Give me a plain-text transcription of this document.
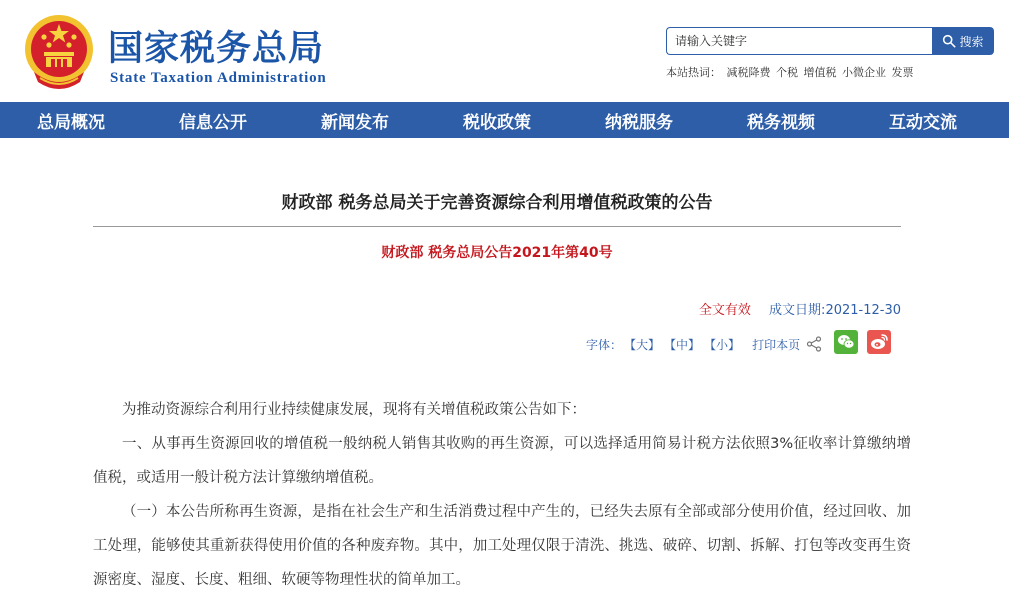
国家税务总局
State Taxation Administration
请输入关键字
搜索
本站热词： 减税降费 个税 增值税 小微企业 发票
总局概况	信息公开	新闻发布	税收政策	纳税服务	税务视频	互动交流
财政部 税务总局关于完善资源综合利用增值税政策的公告
财政部 税务总局公告2021年第40号
全文有效 成文日期:2021-12-30
字体： 【大】 【中】 【小】 打印本页

为推动资源综合利用行业持续健康发展，现将有关增值税政策公告如下：

一、从事再生资源回收的增值税一般纳税人销售其收购的再生资源，可以选择适用简易计税方法依照3%征收率计算缴纳增值税，或适用一般计税方法计算缴纳增值税。

（一）本公告所称再生资源，是指在社会生产和生活消费过程中产生的，已经失去原有全部或部分使用价值，经过回收、加工处理，能够使其重新获得使用价值的各种废弃物。其中，加工处理仅限于清洗、挑选、破碎、切割、拆解、打包等改变再生资源密度、湿度、长度、粗细、软硬等物理性状的简单加工。
